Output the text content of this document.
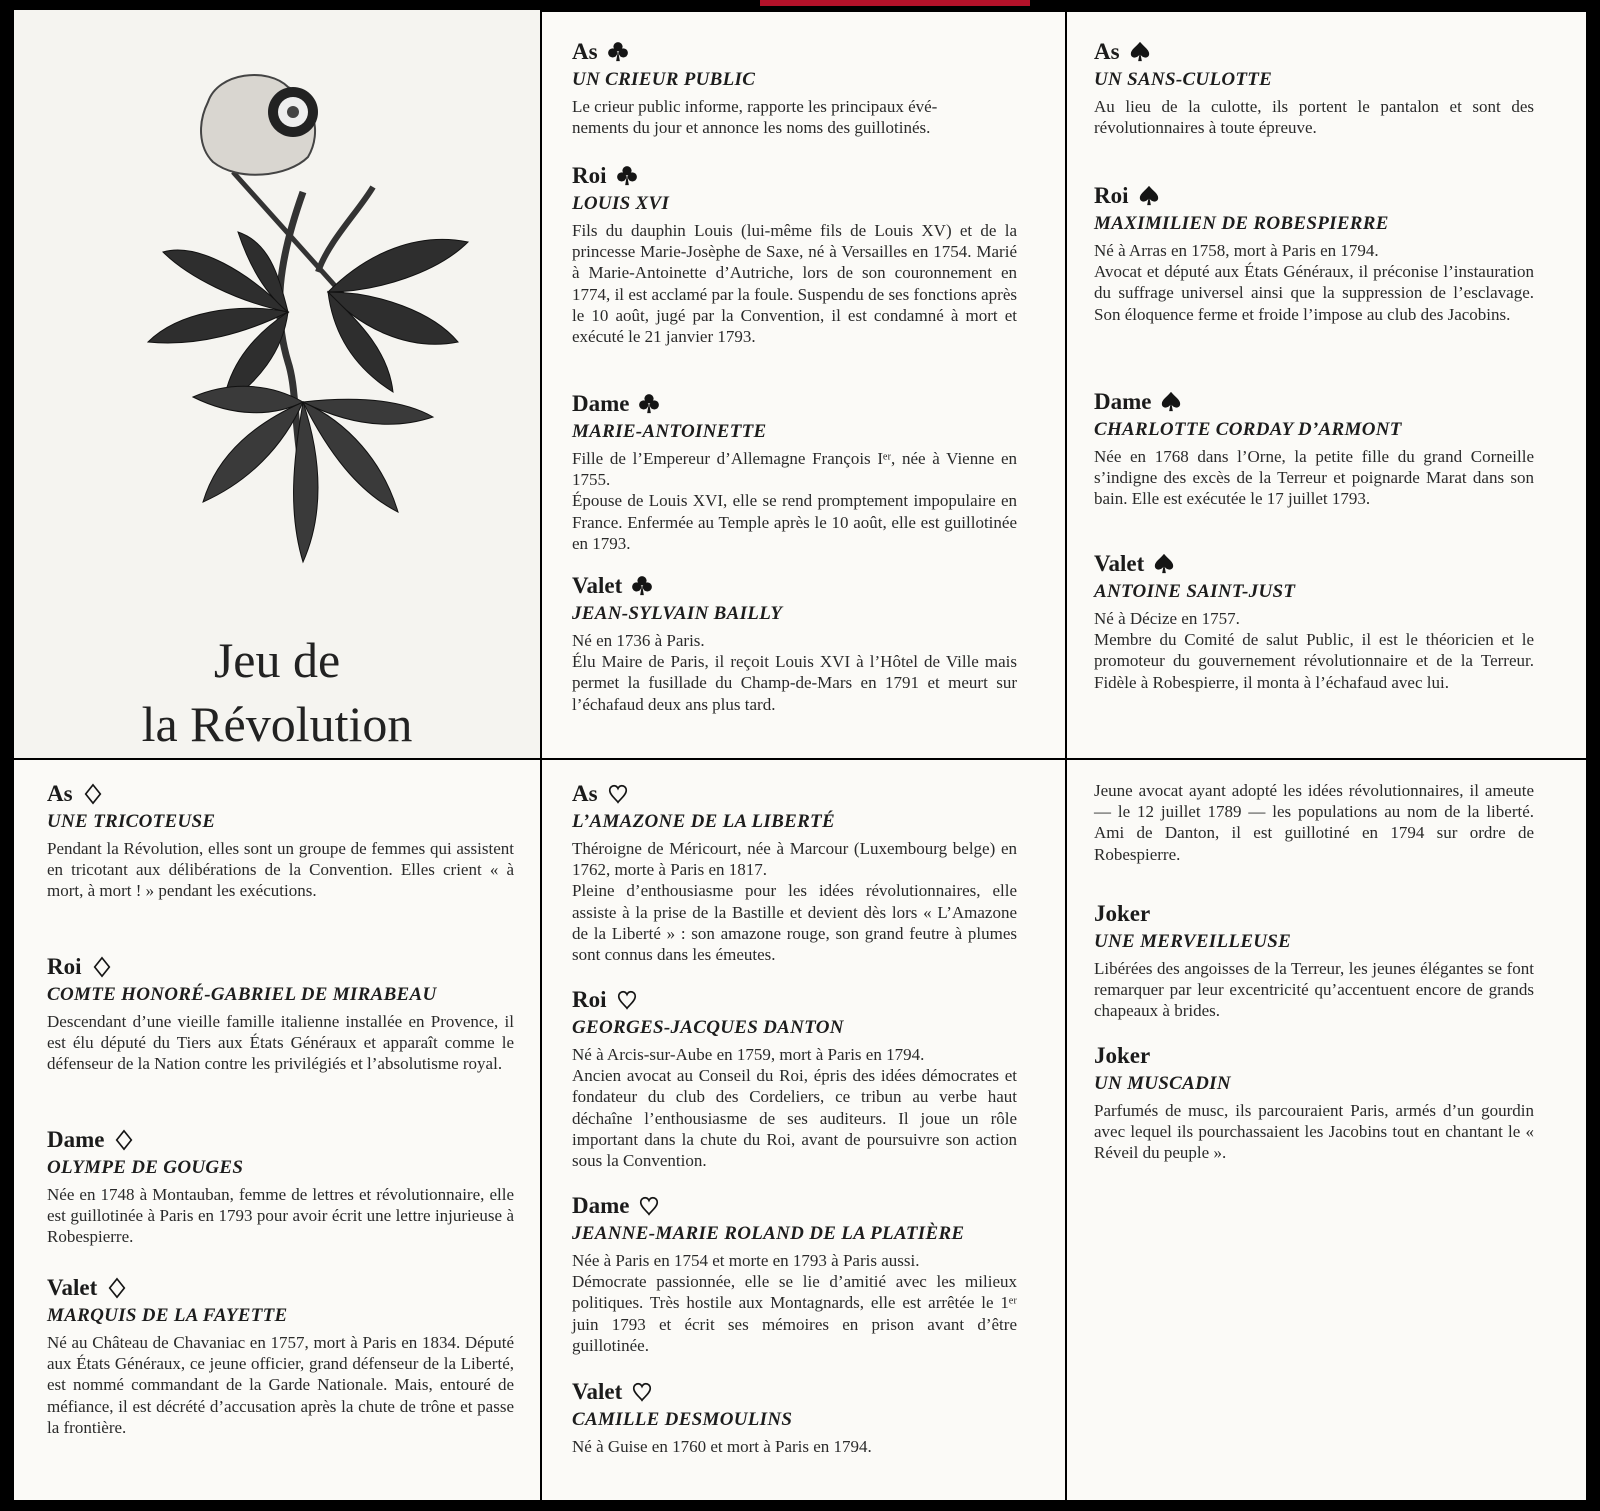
Jeu de
la Révolution
As
UN CRIEUR PUBLIC

Le crieur public informe, rapporte les principaux évé-
nements du jour et annonce les noms des guillotinés.

Roi
LOUIS XVI

Fils du dauphin Louis (lui-même fils de Louis XV) et de la princesse Marie-Josèphe de Saxe, né à Versailles en 1754. Marié à Marie-Antoinette d’Autriche, lors de son couronnement en 1774, il est acclamé par la foule. Suspendu de ses fonctions après le 10 août, jugé par la Convention, il est condamné à mort et exécuté le 21 janvier 1793.

Dame
MARIE-ANTOINETTE

Fille de l’Empereur d’Allemagne François Iᵉʳ, née à Vienne en 1755.
Épouse de Louis XVI, elle se rend promptement impopulaire en France. Enfermée au Temple après le 10 août, elle est guillotinée en 1793.

Valet
JEAN-SYLVAIN BAILLY

Né en 1736 à Paris.
Élu Maire de Paris, il reçoit Louis XVI à l’Hôtel de Ville mais permet la fusillade du Champ-de-Mars en 1791 et meurt sur l’échafaud deux ans plus tard.

As
UN SANS-CULOTTE

Au lieu de la culotte, ils portent le pantalon et sont des révolutionnaires à toute épreuve.

Roi
MAXIMILIEN DE ROBESPIERRE

Né à Arras en 1758, mort à Paris en 1794.
Avocat et député aux États Généraux, il préconise l’instauration du suffrage universel ainsi que la suppression de l’esclavage. Son éloquence ferme et froide l’impose au club des Jacobins.

Dame
CHARLOTTE CORDAY D’ARMONT

Née en 1768 dans l’Orne, la petite fille du grand Corneille s’indigne des excès de la Terreur et poignarde Marat dans son bain. Elle est exécutée le 17 juillet 1793.

Valet
ANTOINE SAINT-JUST

Né à Décize en 1757.
Membre du Comité de salut Public, il est le théoricien et le promoteur du gouvernement révolutionnaire et de la Terreur. Fidèle à Robespierre, il monta à l’échafaud avec lui.

As
UNE TRICOTEUSE

Pendant la Révolution, elles sont un groupe de femmes qui assistent en tricotant aux délibérations de la Convention. Elles crient « à mort, à mort ! » pendant les exécutions.

Roi
COMTE HONORÉ-GABRIEL DE MIRABEAU

Descendant d’une vieille famille italienne installée en Provence, il est élu député du Tiers aux États Généraux et apparaît comme le défenseur de la Nation contre les privilégiés et l’absolutisme royal.

Dame
OLYMPE DE GOUGES

Née en 1748 à Montauban, femme de lettres et révolutionnaire, elle est guillotinée à Paris en 1793 pour avoir écrit une lettre injurieuse à Robespierre.

Valet
MARQUIS DE LA FAYETTE

Né au Château de Chavaniac en 1757, mort à Paris en 1834. Député aux États Généraux, ce jeune officier, grand défenseur de la Liberté, est nommé commandant de la Garde Nationale. Mais, entouré de méfiance, il est décrété d’accusation après la chute de trône et passe la frontière.

As
L’AMAZONE DE LA LIBERTÉ

Théroigne de Méricourt, née à Marcour (Luxembourg belge) en 1762, morte à Paris en 1817.
Pleine d’enthousiasme pour les idées révolutionnaires, elle assiste à la prise de la Bastille et devient dès lors « L’Amazone de la Liberté » : son amazone rouge, son grand feutre à plumes sont connus dans les émeutes.

Roi
GEORGES-JACQUES DANTON

Né à Arcis-sur-Aube en 1759, mort à Paris en 1794.
Ancien avocat au Conseil du Roi, épris des idées démocrates et fondateur du club des Cordeliers, ce tribun au verbe haut déchaîne l’enthousiasme de ses auditeurs. Il joue un rôle important dans la chute du Roi, avant de poursuivre son action sous la Convention.

Dame
JEANNE-MARIE ROLAND DE LA PLATIÈRE

Née à Paris en 1754 et morte en 1793 à Paris aussi.
Démocrate passionnée, elle se lie d’amitié avec les milieux politiques. Très hostile aux Montagnards, elle est arrêtée le 1ᵉʳ juin 1793 et écrit ses mémoires en prison avant d’être guillotinée.

Valet
CAMILLE DESMOULINS

Né à Guise en 1760 et mort à Paris en 1794.

Jeune avocat ayant adopté les idées révolutionnaires, il ameute — le 12 juillet 1789 — les populations au nom de la liberté. Ami de Danton, il est guillotiné en 1794 sur ordre de Robespierre.

Joker
UNE MERVEILLEUSE

Libérées des angoisses de la Terreur, les jeunes élégantes se font remarquer par leur excentricité qu’accentuent encore de grands chapeaux à brides.

Joker
UN MUSCADIN

Parfumés de musc, ils parcouraient Paris, armés d’un gourdin avec lequel ils pourchassaient les Jacobins tout en chantant le « Réveil du peuple ».
